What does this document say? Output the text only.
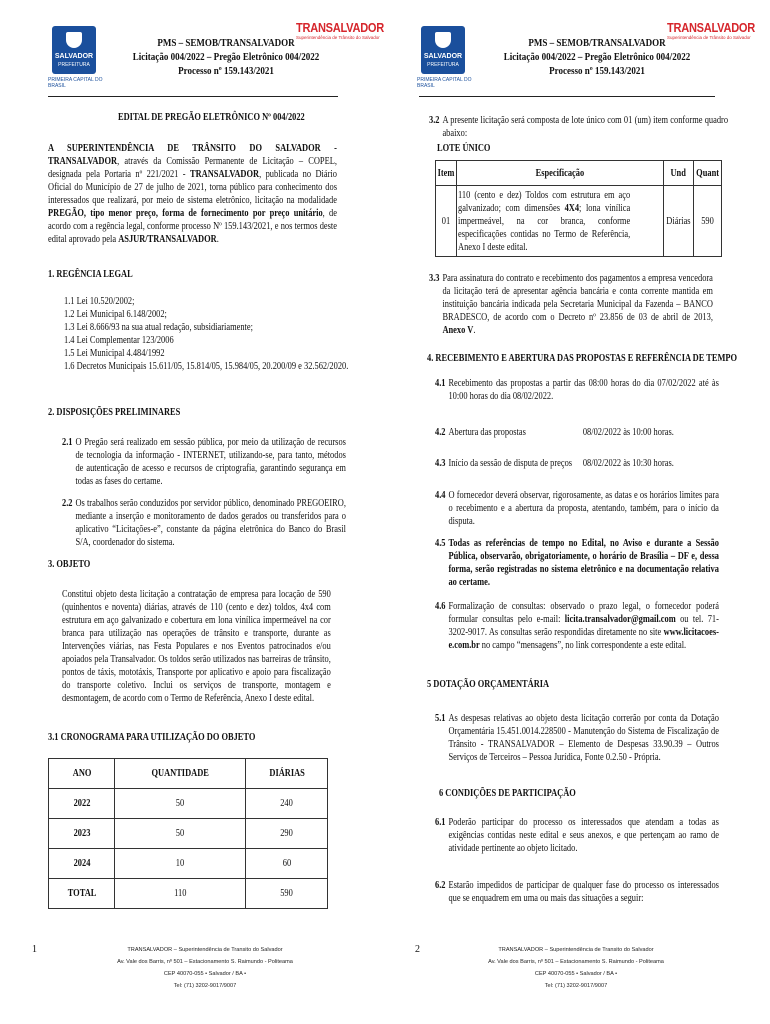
SALVADOR
PREFEITURA
PRIMEIRA CAPITAL DO BRASIL
PMS – SEMOB/TRANSALVADOR
Licitação 004/2022 – Pregão Eletrônico 004/2022
Processo nº 159.143/2021
TRANSALVADOR
Superintendência de Trânsito do Salvador
EDITAL DE PREGÃO ELETRÔNICO Nº 004/2022
A SUPERINTENDÊNCIA DE TRÂNSITO DO SALVADOR - TRANSALVADOR, através da Comissão Permanente de Licitação – COPEL, designada pela Portaria nº 221/2021 - TRANSALVADOR, publicada no Diário Oficial do Município de 27 de julho de 2021, torna público para conhecimento dos interessados que realizará, por meio de sistema eletrônico, licitação na modalidade PREGÃO, tipo menor preço, forma de fornecimento por preço unitário, de acordo com a regência legal, conforme processo Nº 159.143/2021, e nos termos deste edital aprovado pela ASJUR/TRANSALVADOR.
1. REGÊNCIA LEGAL
1.1 Lei 10.520/2002;
1.2 Lei Municipal 6.148/2002;
1.3 Lei 8.666/93 na sua atual redação, subsidiariamente;
1.4 Lei Complementar 123/2006
1.5 Lei Municipal 4.484/1992
1.6 Decretos Municipais 15.611/05, 15.814/05, 15.984/05, 20.200/09 e 32.562/2020.
2. DISPOSIÇÕES PRELIMINARES
2.1 O Pregão será realizado em sessão pública, por meio da utilização de recursos de tecnologia da informação - INTERNET, utilizando-se, para tanto, métodos de autenticação de acesso e recursos de criptografia, garantindo segurança em todas as fases do certame.
2.2 Os trabalhos serão conduzidos por servidor público, denominado PREGOEIRO, mediante a inserção e monitoramento de dados gerados ou transferidos para o aplicativo “Licitações-e”, constante da página eletrônica do Banco do Brasil S/A, coordenador do sistema.
3. OBJETO
Constitui objeto desta licitação a contratação de empresa para locação de 590 (quinhentos e noventa) diárias, através de 110 (cento e dez) toldos, 4x4 com estrutura em aço galvanizado e cobertura em lona vinílica impermeável na cor branca para utilização nas operações de trânsito e transporte, durante as Intervenções viárias, nas Festa Populares e nos Eventos patrocinados e/ou apoiados pela Transalvador. Os toldos serão utilizados nas barreiras de trânsito, pontos de táxis, mototáxis, Transporte por aplicativo e apoio para fiscalização do transporte coletivo. Inclui os serviços de transporte, montagem e desmontagem, de acordo com o Termo de Referência, Anexo I deste edital.
3.1 CRONOGRAMA PARA UTILIZAÇÃO DO OBJETO
ANO	QUANTIDADE	DIÁRIAS
2022	50	240
2023	50	290
2024	10	60
TOTAL	110	590
1	TRANSALVADOR – Superintendência de Transito do Salvador
Av. Vale dos Barris, nº 501 – Estacionamento S. Raimundo - Politeama
CEP 40070-055 • Salvador / BA •
Tel: (71) 3202-9017/9007
SALVADOR
PREFEITURA
PRIMEIRA CAPITAL DO BRASIL
PMS – SEMOB/TRANSALVADOR
Licitação 004/2022 – Pregão Eletrônico 004/2022
Processo nº 159.143/2021
TRANSALVADOR
Superintendência de Trânsito do Salvador
3.2 A presente licitação será composta de lote único com 01 (um) item conforme quadro abaixo:
LOTE ÚNICO
3.3 Para assinatura do contrato e recebimento dos pagamentos a empresa vencedora da licitação terá de apresentar agência bancária e conta corrente mantida em instituição bancária indicada pela Secretaria Municipal da Fazenda – BANCO BRADESCO, de acordo com o Decreto nº 23.856 de 03 de abril de 2013, Anexo V.
4. RECEBIMENTO E ABERTURA DAS PROPOSTAS E REFERÊNCIA DE TEMPO
4.1 Recebimento das propostas a partir das 08:00 horas do dia 07/02/2022 até às 10:00 horas do dia 08/02/2022.
4.2 Abertura das propostas	08/02/2022 às 10:00 horas.
4.3 Início da sessão de disputa de preços	08/02/2022 às 10:30 horas.
4.4 O fornecedor deverá observar, rigorosamente, as datas e os horários limites para o recebimento e a abertura da proposta, atentando, também, para o início da disputa.
4.5 Todas as referências de tempo no Edital, no Aviso e durante a Sessão Pública, observarão, obrigatoriamente, o horário de Brasília – DF e, dessa forma, serão registradas no sistema eletrônico e na documentação relativa ao certame.
4.6 Formalização de consultas: observado o prazo legal, o fornecedor poderá formular consultas pelo e-mail: licita.transalvador@gmail.com ou tel. 71-3202-9017. As consultas serão respondidas diretamente no site www.licitacoes-e.com.br no campo “mensagens”, no link correspondente a este edital.
5 DOTAÇÃO ORÇAMENTÁRIA
5.1 As despesas relativas ao objeto desta licitação correrão por conta da Dotação Orçamentária 15.451.0014.228500 - Manutenção do Sistema de Fiscalização de Trânsito - TRANSALVADOR – Elemento de Despesas 33.90.39 – Outros Serviços de Terceiros – Pessoa Jurídica, Fonte 0.2.50 - Própria.
6 CONDIÇÕES DE PARTICIPAÇÃO
6.1 Poderão participar do processo os interessados que atendam a todas as exigências contidas neste edital e seus anexos, e que pertençam ao ramo de atividade pertinente ao objeto licitado.
6.2 Estarão impedidos de participar de qualquer fase do processo os interessados que se enquadrem em uma ou mais das situações a seguir:
2	TRANSALVADOR – Superintendência de Transito do Salvador
Av. Vale dos Barris, nº 501 – Estacionamento S. Raimundo - Politeama
CEP 40070-055 • Salvador / BA •
Tel: (71) 3202-9017/9007
Item	Especificação	Und	Quant
01	110 (cento e dez) Toldos com estrutura em aço galvanizado; com dimensões 4X4; lona vinílica impermeável, na cor branca, conforme especificações contidas no Termo de Referência, Anexo I deste edital.	Diárias	590
